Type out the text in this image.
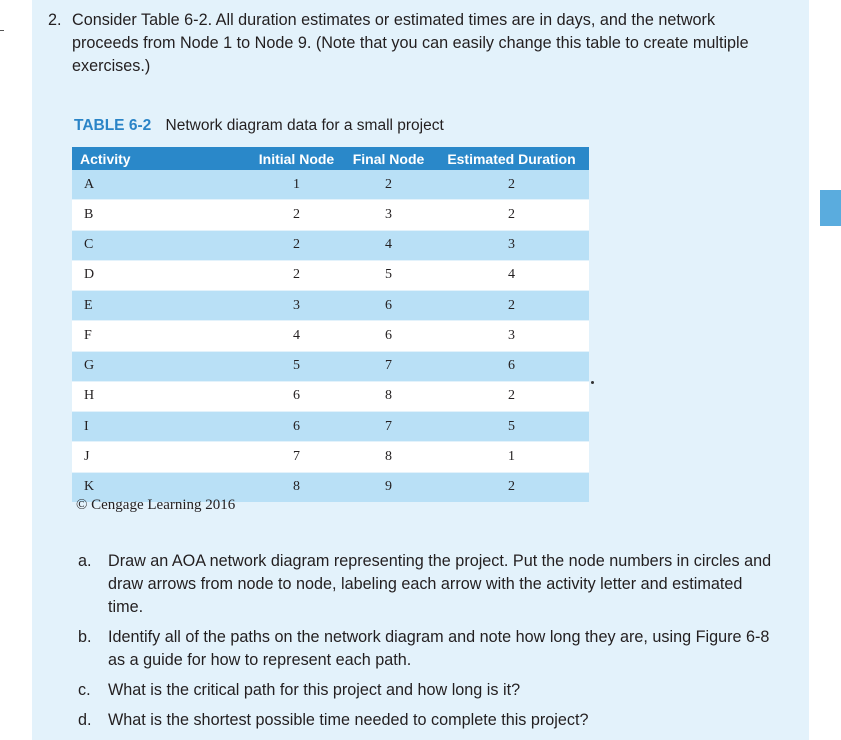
2. Consider Table 6-2. All duration estimates or estimated times are in days, and the network proceeds from Node 1 to Node 9. (Note that you can easily change this table to create multiple exercises.)
TABLE 6-2 Network diagram data for a small project
Activity	Initial Node	Final Node	Estimated Duration
A	1	2	2
B	2	3	2
C	2	4	3
D	2	5	4
E	3	6	2
F	4	6	3
G	5	7	6
H	6	8	2
I	6	7	5
J	7	8	1
K	8	9	2
© Cengage Learning 2016
a. Draw an AOA network diagram representing the project. Put the node numbers in circles and draw arrows from node to node, labeling each arrow with the activity letter and estimated time.
b. Identify all of the paths on the network diagram and note how long they are, using Figure 6-8 as a guide for how to represent each path.
c. What is the critical path for this project and how long is it?
d. What is the shortest possible time needed to complete this project?
